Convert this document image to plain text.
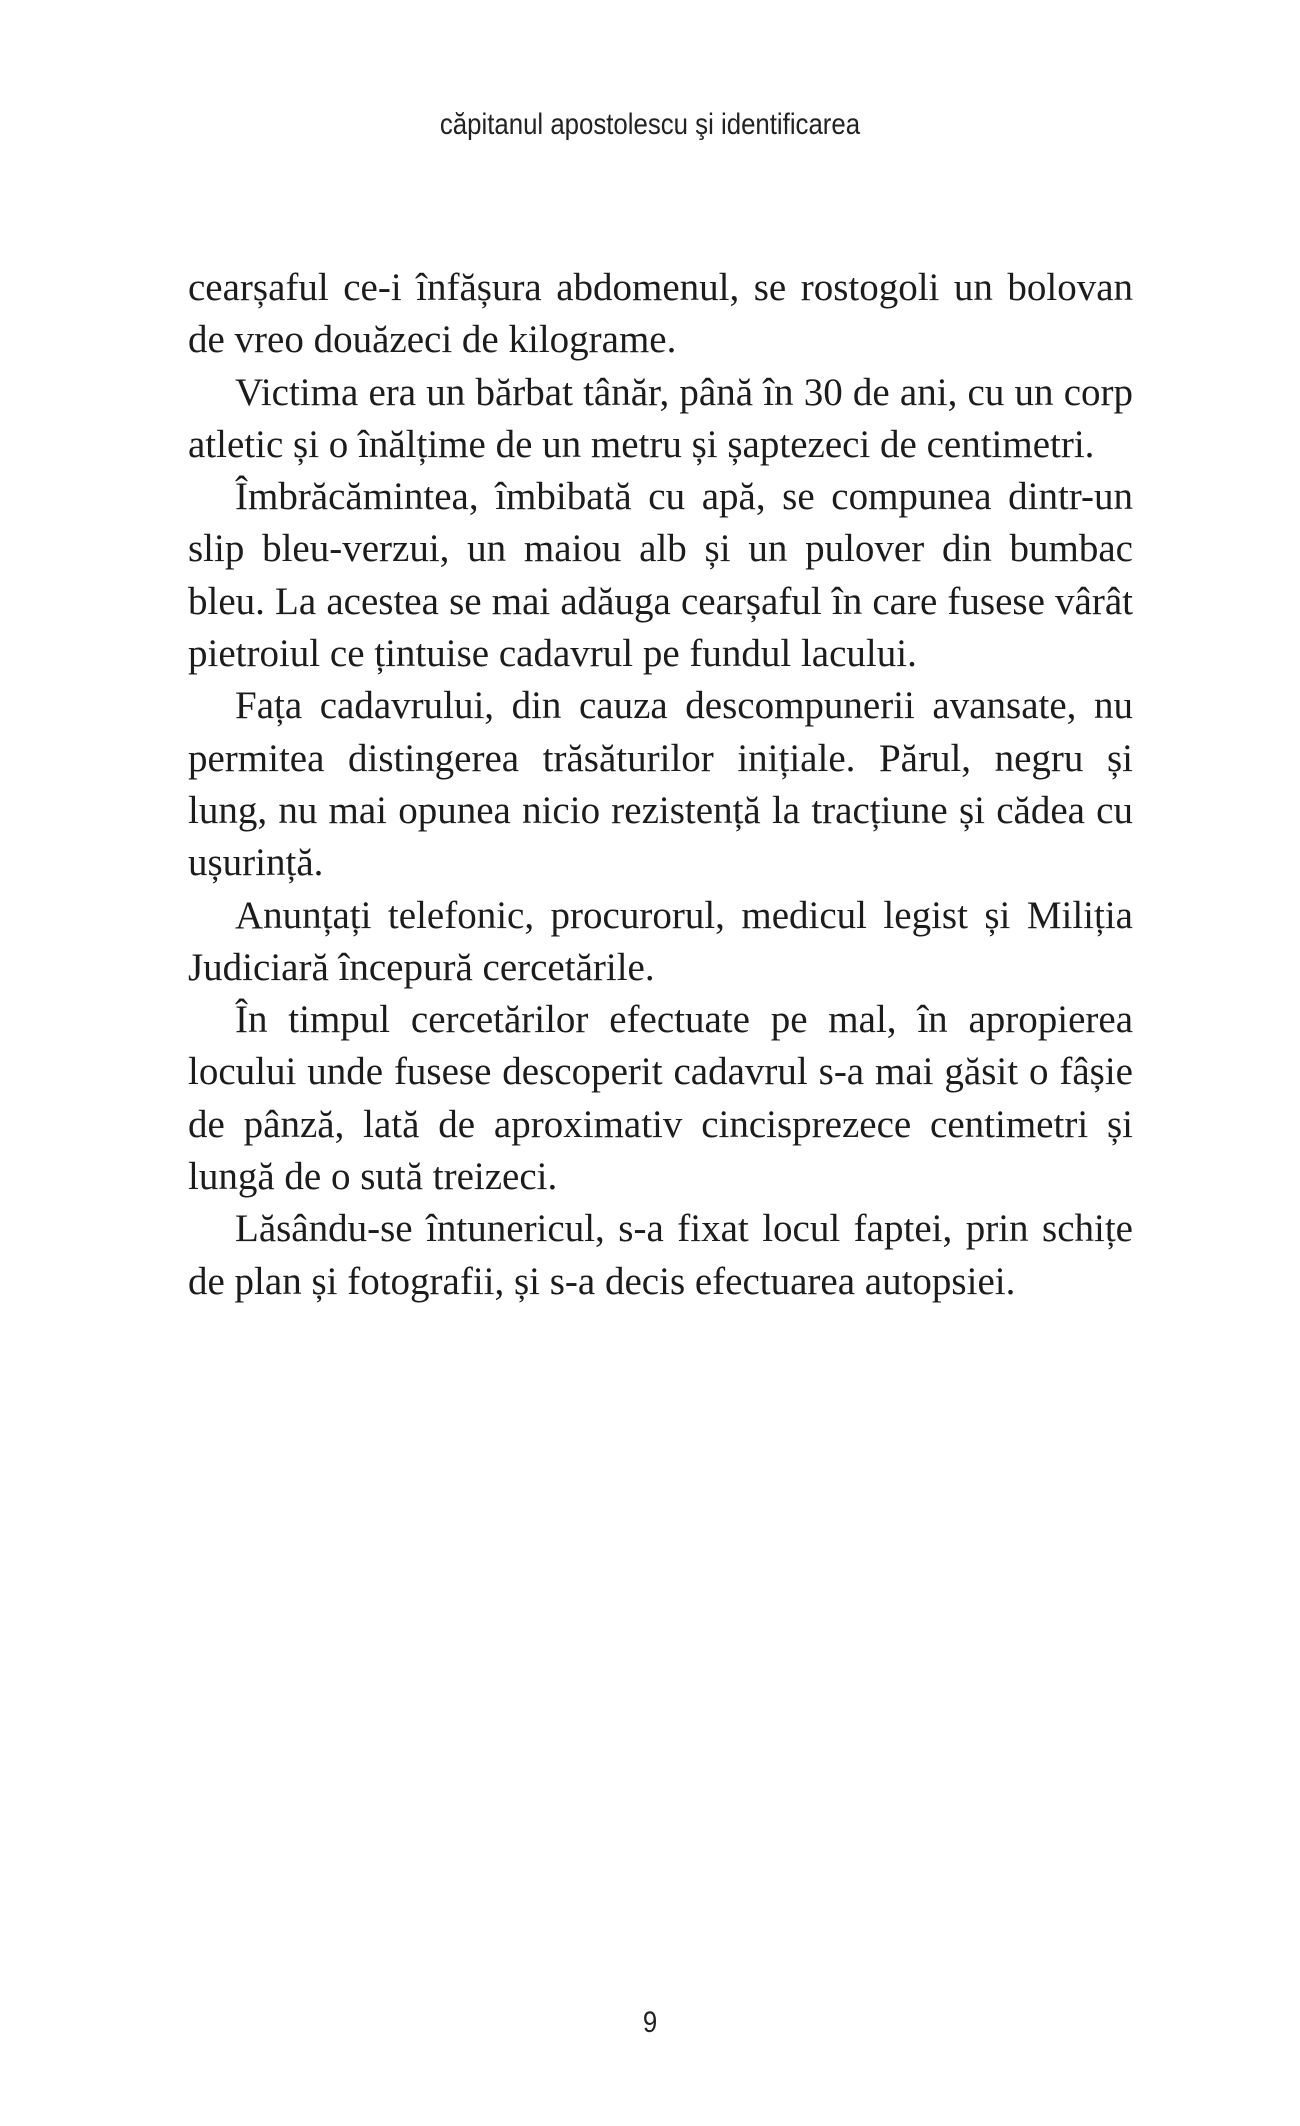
căpitanul apostolescu şi identificarea

cearșaful ce-i înfășura abdomenul, se rostogoli un bolovan de vreo douăzeci de kilograme.

Victima era un bărbat tânăr, până în 30 de ani, cu un corp atletic și o înălțime de un metru și șaptezeci de centimetri.

Îmbrăcămintea, îmbibată cu apă, se compunea dintr-un slip bleu-verzui, un maiou alb și un pulover din bumbac bleu. La acestea se mai adăuga cearșaful în care fusese vârât pietroiul ce țintuise cadavrul pe fundul lacului.

Fața cadavrului, din cauza descompunerii avansate, nu permitea distingerea trăsăturilor inițiale. Părul, negru și lung, nu mai opunea nicio rezistență la tracțiune și cădea cu ușurință.

Anunțați telefonic, procurorul, medicul legist și Miliția Judiciară începură cercetările.

În timpul cercetărilor efectuate pe mal, în apropierea locului unde fusese descoperit cadavrul s-a mai găsit o fâșie de pânză, lată de aproximativ cincisprezece centimetri și lungă de o sută treizeci.

Lăsându-se întunericul, s-a fixat locul faptei, prin schițe de plan și fotografii, și s-a decis efectuarea autopsiei.

9
